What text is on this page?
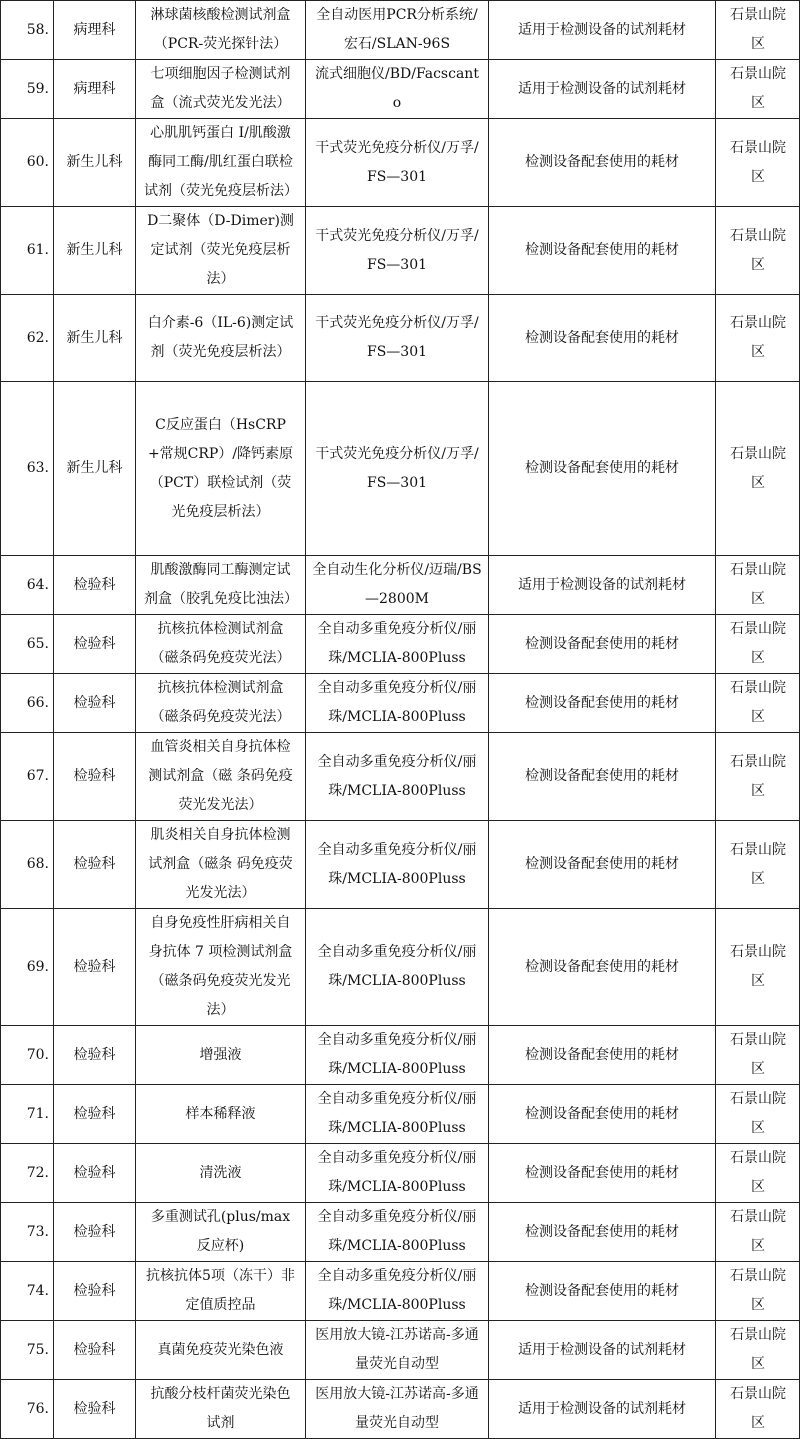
58.	病理科	淋球菌核酸检测试剂盒（PCR-荧光探针法）	全自动医用PCR分析系统/宏石/SLAN-96S	适用于检测设备的试剂耗材	石景山院区
59.	病理科	七项细胞因子检测试剂盒（流式荧光发光法）	流式细胞仪/BD/Facscanto	适用于检测设备的试剂耗材	石景山院区
60.	新生儿科	心肌肌钙蛋白 I/肌酸激酶同工酶/肌红蛋白联检试剂（荧光免疫层析法）	干式荧光免疫分析仪/万孚/FS—301	检测设备配套使用的耗材	石景山院区
61.	新生儿科	D二聚体（D-Dimer)测定试剂（荧光免疫层析法）	干式荧光免疫分析仪/万孚/FS—301	检测设备配套使用的耗材	石景山院区
62.	新生儿科	白介素-6（IL-6)测定试剂（荧光免疫层析法）	干式荧光免疫分析仪/万孚/FS—301	检测设备配套使用的耗材	石景山院区
63.	新生儿科	C反应蛋白（HsCRP+常规CRP）/降钙素原（PCT）联检试剂（荧光免疫层析法）	干式荧光免疫分析仪/万孚/FS—301	检测设备配套使用的耗材	石景山院区
64.	检验科	肌酸激酶同工酶测定试剂盒（胶乳免疫比浊法）	全自动生化分析仪/迈瑞/BS—2800M	适用于检测设备的试剂耗材	石景山院区
65.	检验科	抗核抗体检测试剂盒（磁条码免疫荧光法）	全自动多重免疫分析仪/丽珠/MCLIA-800Pluss	检测设备配套使用的耗材	石景山院区
66.	检验科	抗核抗体检测试剂盒（磁条码免疫荧光法）	全自动多重免疫分析仪/丽珠/MCLIA-800Pluss	检测设备配套使用的耗材	石景山院区
67.	检验科	血管炎相关自身抗体检测试剂盒（磁 条码免疫荧光发光法）	全自动多重免疫分析仪/丽珠/MCLIA-800Pluss	检测设备配套使用的耗材	石景山院区
68.	检验科	肌炎相关自身抗体检测试剂盒（磁条 码免疫荧光发光法）	全自动多重免疫分析仪/丽珠/MCLIA-800Pluss	检测设备配套使用的耗材	石景山院区
69.	检验科	自身免疫性肝病相关自身抗体 7 项检测试剂盒（磁条码免疫荧光发光法）	全自动多重免疫分析仪/丽珠/MCLIA-800Pluss	检测设备配套使用的耗材	石景山院区
70.	检验科	增强液	全自动多重免疫分析仪/丽珠/MCLIA-800Pluss	检测设备配套使用的耗材	石景山院区
71.	检验科	样本稀释液	全自动多重免疫分析仪/丽珠/MCLIA-800Pluss	检测设备配套使用的耗材	石景山院区
72.	检验科	清洗液	全自动多重免疫分析仪/丽珠/MCLIA-800Pluss	检测设备配套使用的耗材	石景山院区
73.	检验科	多重测试孔(plus/max反应杯)	全自动多重免疫分析仪/丽珠/MCLIA-800Pluss	检测设备配套使用的耗材	石景山院区
74.	检验科	抗核抗体5项（冻干）非定值质控品	全自动多重免疫分析仪/丽珠/MCLIA-800Pluss	检测设备配套使用的耗材	石景山院区
75.	检验科	真菌免疫荧光染色液	医用放大镜-江苏诺高-多通量荧光自动型	适用于检测设备的试剂耗材	石景山院区
76.	检验科	抗酸分枝杆菌荧光染色试剂	医用放大镜-江苏诺高-多通量荧光自动型	适用于检测设备的试剂耗材	石景山院区
